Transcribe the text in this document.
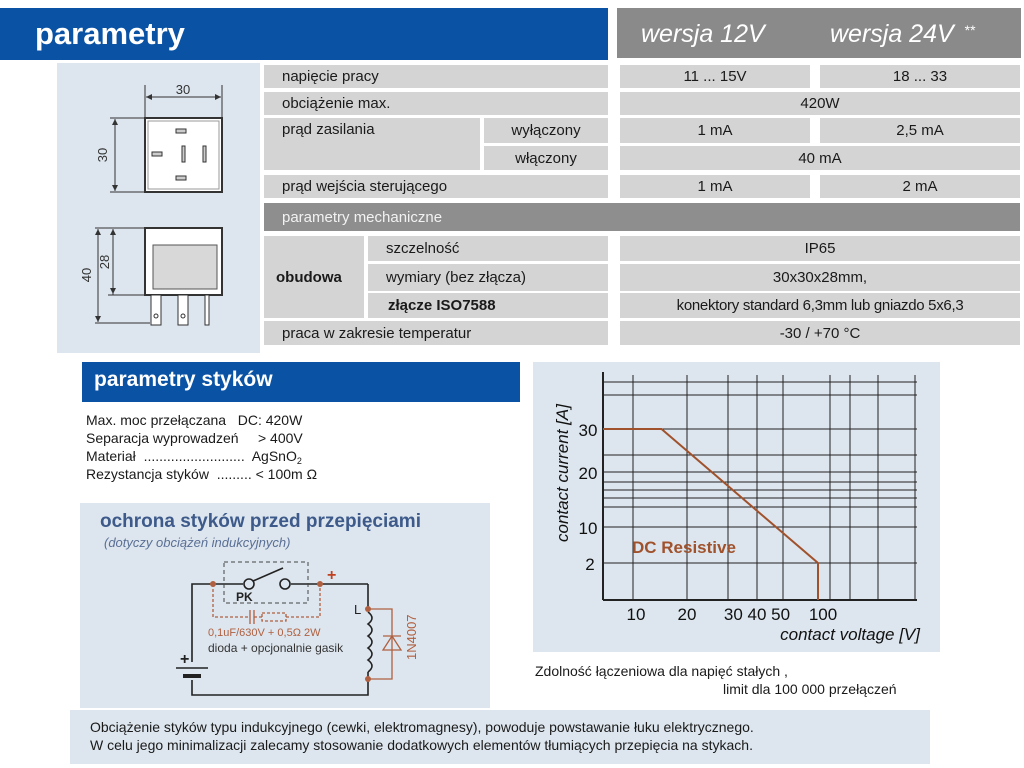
parametry	wersja 12V	wersja 24V **
30
30
40
28
napięcie pracy	11 ... 15V	18 ... 33
obciążenie max.	420W
prąd zasilania	wyłączony	1 mA	2,5 mA
włączony	40 mA
prąd wejścia sterującego	1 mA	2 mA
parametry mechaniczne
obudowa
szczelność	IP65
wymiary (bez złącza)	30x30x28mm,
złącze ISO7588	konektory standard 6,3mm lub gniazdo 5x6,3
praca w zakresie temperatur	-30 / +70 °C
parametry styków
Max. moc przełączana   DC: 420W
Separacja wyprowadzeń     > 400V
Materiał  ..........................  AgSnO$_2$
Rezystancja styków  ......... < 100m Ω
ochrona styków przed przepięciami
(dotyczy obciążeń indukcyjnych)
PK
+
L
0,1uF/630V + 0,5Ω 2W
dioda + opcjonalnie gasik	1N4007
+
10 20 30 40 50 100
30
20
10
2
contact voltage [V]
contact current [A]
DC Resistive
Zdolność łączeniowa dla napięć stałych ,
limit dla 100 000 przełączeń
Obciążenie styków typu indukcyjnego (cewki, elektromagnesy), powoduje powstawanie łuku elektrycznego.
W celu jego minimalizacji zalecamy stosowanie dodatkowych elementów tłumiących przepięcia na stykach.
